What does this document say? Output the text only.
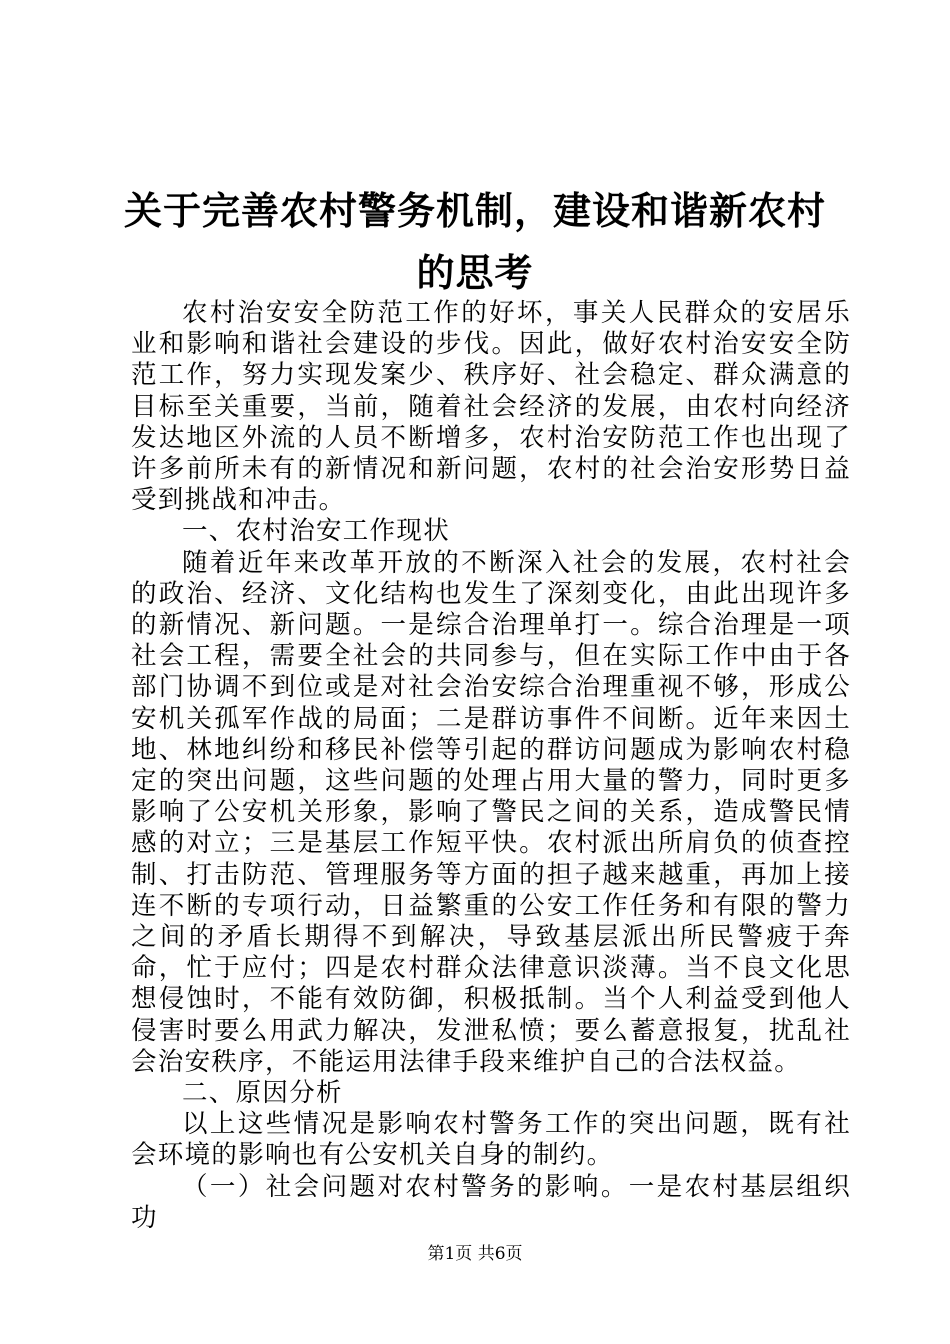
关于完善农村警务机制，建设和谐新农村的思考

农村治安安全防范工作的好坏，事关人民群众的安居乐业和影响和谐社会建设的步伐。因此，做好农村治安安全防范工作，努力实现发案少、秩序好、社会稳定、群众满意的目标至关重要，当前，随着社会经济的发展，由农村向经济发达地区外流的人员不断增多，农村治安防范工作也出现了许多前所未有的新情况和新问题，农村的社会治安形势日益受到挑战和冲击。

一、农村治安工作现状

随着近年来改革开放的不断深入社会的发展，农村社会的政治、经济、文化结构也发生了深刻变化，由此出现许多的新情况、新问题。一是综合治理单打一。综合治理是一项社会工程，需要全社会的共同参与，但在实际工作中由于各部门协调不到位或是对社会治安综合治理重视不够，形成公安机关孤军作战的局面；二是群访事件不间断。近年来因土地、林地纠纷和移民补偿等引起的群访问题成为影响农村稳定的突出问题，这些问题的处理占用大量的警力，同时更多影响了公安机关形象，影响了警民之间的关系，造成警民情感的对立；三是基层工作短平快。农村派出所肩负的侦查控制、打击防范、管理服务等方面的担子越来越重，再加上接连不断的专项行动，日益繁重的公安工作任务和有限的警力之间的矛盾长期得不到解决，导致基层派出所民警疲于奔命，忙于应付；四是农村群众法律意识淡薄。当不良文化思想侵蚀时，不能有效防御，积极抵制。当个人利益受到他人侵害时要么用武力解决，发泄私愤；要么蓄意报复，扰乱社会治安秩序，不能运用法律手段来维护自己的合法权益。

二、原因分析

以上这些情况是影响农村警务工作的突出问题，既有社会环境的影响也有公安机关自身的制约。

（一）社会问题对农村警务的影响。一是农村基层组织功

第1页 共6页
